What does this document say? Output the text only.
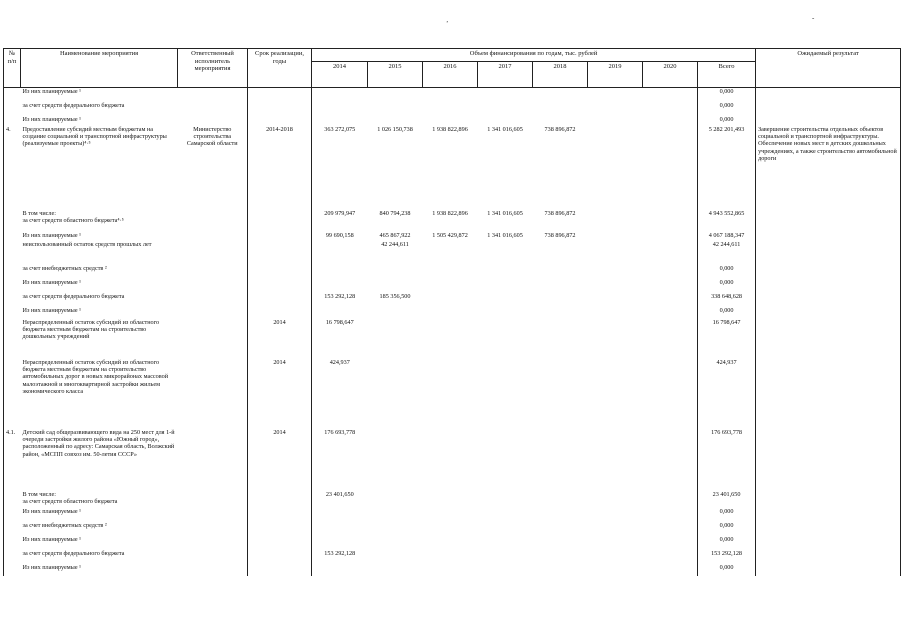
’
-
№
п/п	Наименование мероприятия	Ответственный
исполнитель
мероприятия	Срок реализации,
годы	Объем финансирования по годам, тыс. рублей								Ожидаемый результат
				2014	2015	2016	2017	2018	2019	2020	Всего	
	Из них планируемые ¹										0,000	
	за счет средств федерального бюджета										0,000	
	Из них планируемые ¹										0,000	
4.	Предоставление субсидий местным бюджетам на создание социальной и транспортной инфраструктуры (реализуемые проекты)⁴·⁵	Министерство строительства Самарской области	2014-2018	363 272,075	1 026 150,738	1 938 822,896	1 341 016,605	738 896,872			5 282 201,493	Завершение строительства отдельных объектов социальной и транспортной инфраструктуры. Обеспечение новых мест в детских дошкольных учреждениях, а также строительство автомобильной дороги
	В том числе:
за счет средств областного бюджета⁴·⁵			209 979,947	840 794,238	1 938 822,896	1 341 016,605	738 896,872			4 943 552,865	
	Из них планируемые ¹			99 690,158	465 867,922	1 505 429,872	1 341 016,605	738 896,872			4 067 188,347	
	неиспользованный остаток средств прошлых лет				42 244,611						42 244,611	
	за счет внебюджетных средств ²										0,000	
	Из них планируемые ¹										0,000	
	за счет средств федерального бюджета			153 292,128	185 356,500						338 648,628	
	Из них планируемые ¹										0,000	
	Нераспределенный остаток субсидий из областного бюджета местным бюджетам на строительство дошкольных учреждений		2014	16 798,647							16 798,647	
	Нераспределенный остаток субсидий из областного бюджета местным бюджетам на строительство автомобильных дорог в новых микрорайонах массовой малоэтажной и многоквартирной застройки жильем экономического класса		2014	424,937							424,937	
4.1.	Детский сад общеразвивающего вида на 250 мест для 1-й очереди застройки жилого района «Южный город», расположенный по адресу: Самарская область, Волжский район, «МСПП совхоз им. 50-летия СССР»		2014	176 693,778							176 693,778	
	В том числе:
за счет средств областного бюджета			23 401,650							23 401,650	
	Из них планируемые ¹										0,000	
	за счет внебюджетных средств ²										0,000	
	Из них планируемые ¹										0,000	
	за счет средств федерального бюджета			153 292,128							153 292,128	
	Из них планируемые ¹										0,000	
